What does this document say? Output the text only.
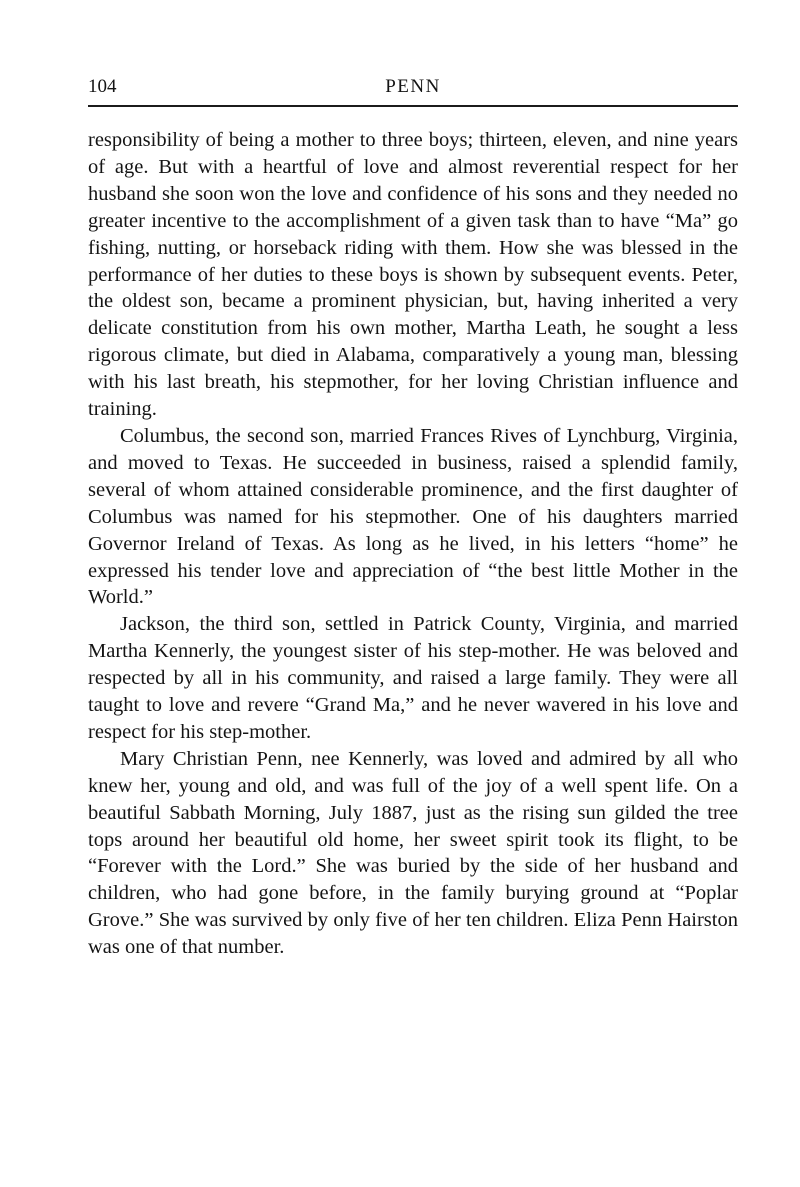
104	PENN

responsibility of being a mother to three boys; thirteen, eleven, and nine years of age. But with a heartful of love and almost reverential respect for her husband she soon won the love and confidence of his sons and they needed no greater incentive to the accomplishment of a given task than to have “Ma” go fishing, nutting, or horseback riding with them. How she was blessed in the performance of her duties to these boys is shown by subsequent events. Peter, the oldest son, became a prominent physician, but, having inherited a very delicate constitution from his own mother, Martha Leath, he sought a less rigorous climate, but died in Alabama, comparatively a young man, blessing with his last breath, his stepmother, for her loving Christian influence and training.

Columbus, the second son, married Frances Rives of Lynchburg, Virginia, and moved to Texas. He succeeded in business, raised a splendid family, several of whom attained considerable prominence, and the first daughter of Columbus was named for his stepmother. One of his daughters married Governor Ireland of Texas. As long as he lived, in his letters “home” he expressed his tender love and appreciation of “the best little Mother in the World.”

Jackson, the third son, settled in Patrick County, Virginia, and married Martha Kennerly, the youngest sister of his step-mother. He was beloved and respected by all in his community, and raised a large family. They were all taught to love and revere “Grand Ma,” and he never wavered in his love and respect for his step-mother.

Mary Christian Penn, nee Kennerly, was loved and admired by all who knew her, young and old, and was full of the joy of a well spent life. On a beautiful Sabbath Morning, July 1887, just as the rising sun gilded the tree tops around her beautiful old home, her sweet spirit took its flight, to be “Forever with the Lord.” She was buried by the side of her husband and children, who had gone before, in the family burying ground at “Poplar Grove.” She was survived by only five of her ten children. Eliza Penn Hairston was one of that number.
